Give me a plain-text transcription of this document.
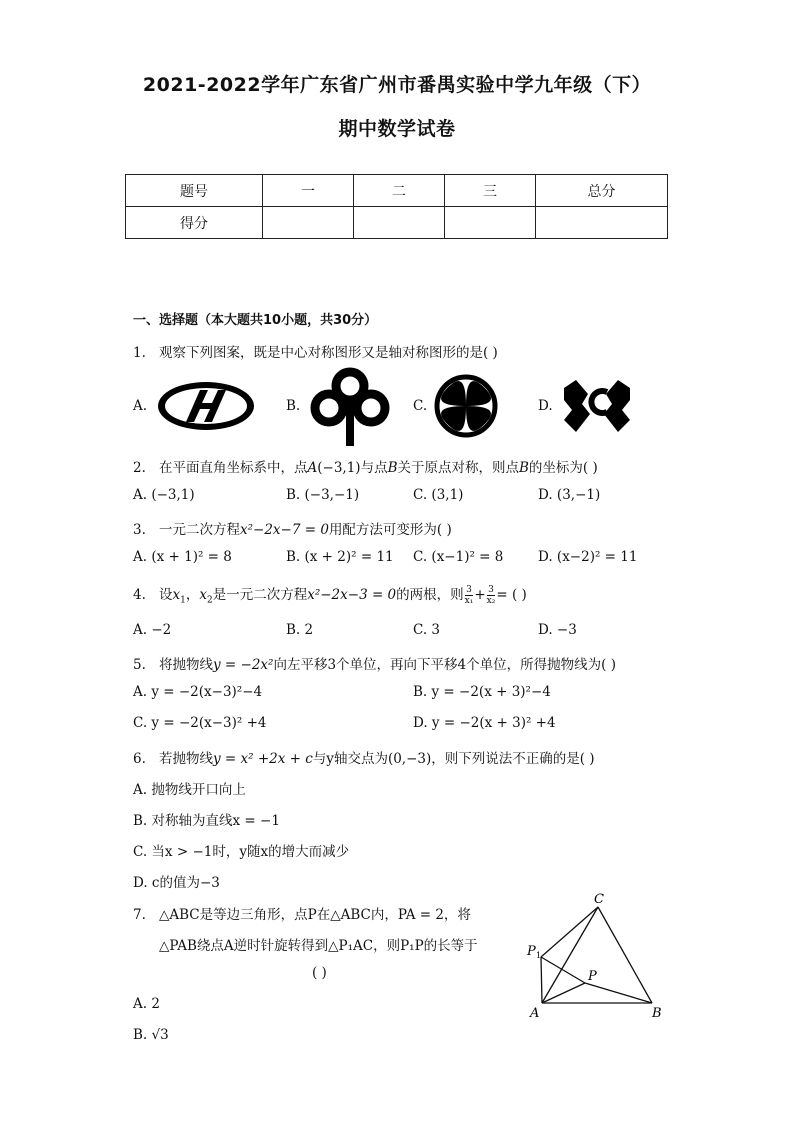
2021-2022学年广东省广州市番禺实验中学九年级（下）
期中数学试卷
题号	一	二	三	总分
得分				
一、选择题（本大题共10小题，共30分）
1. 观察下列图案，既是中心对称图形又是轴对称图形的是( )
A.	B.	C.	D.
2. 在平面直角坐标系中，点A(−3,1)与点B关于原点对称，则点B的坐标为( )
A. (−3,1)	B. (−3,−1)	C. (3,1)	D. (3,−1)
3. 一元二次方程x²−2x−7 = 0用配方法可变形为( )
A. (x + 1)² = 8	B. (x + 2)² = 11 C. (x−1)² = 8	D. (x−2)² = 11
4. 设$x_1$，$x_2$是一元二次方程x²−2x−3 = 0的两根，则 $\frac{3}{\text{x₁}} + \frac{3}{\text{x₂}}$ = ( )
A. −2	B. 2	C. 3	D. −3
5. 将抛物线y = −2x²向左平移3个单位，再向下平移4个单位，所得抛物线为( )
A. y = −2(x−3)²−4	B. y = −2(x + 3)²−4
C. y = −2(x−3)² +4	D. y = −2(x + 3)² +4
6. 若抛物线y = x² +2x + c与y轴交点为(0,−3)，则下列说法不正确的是( )
A. 抛物线开口向上
B. 对称轴为直线x = −1
C. 当x > −1时，y随x的增大而减少
D. c的值为−3
7. △ABC是等边三角形，点P在△ABC内，PA = 2，将
△PAB绕点A逆时针旋转得到△P₁AC，则P₁P的长等于
( )
A. 2
B. √3
C
A	B
P
P 1
